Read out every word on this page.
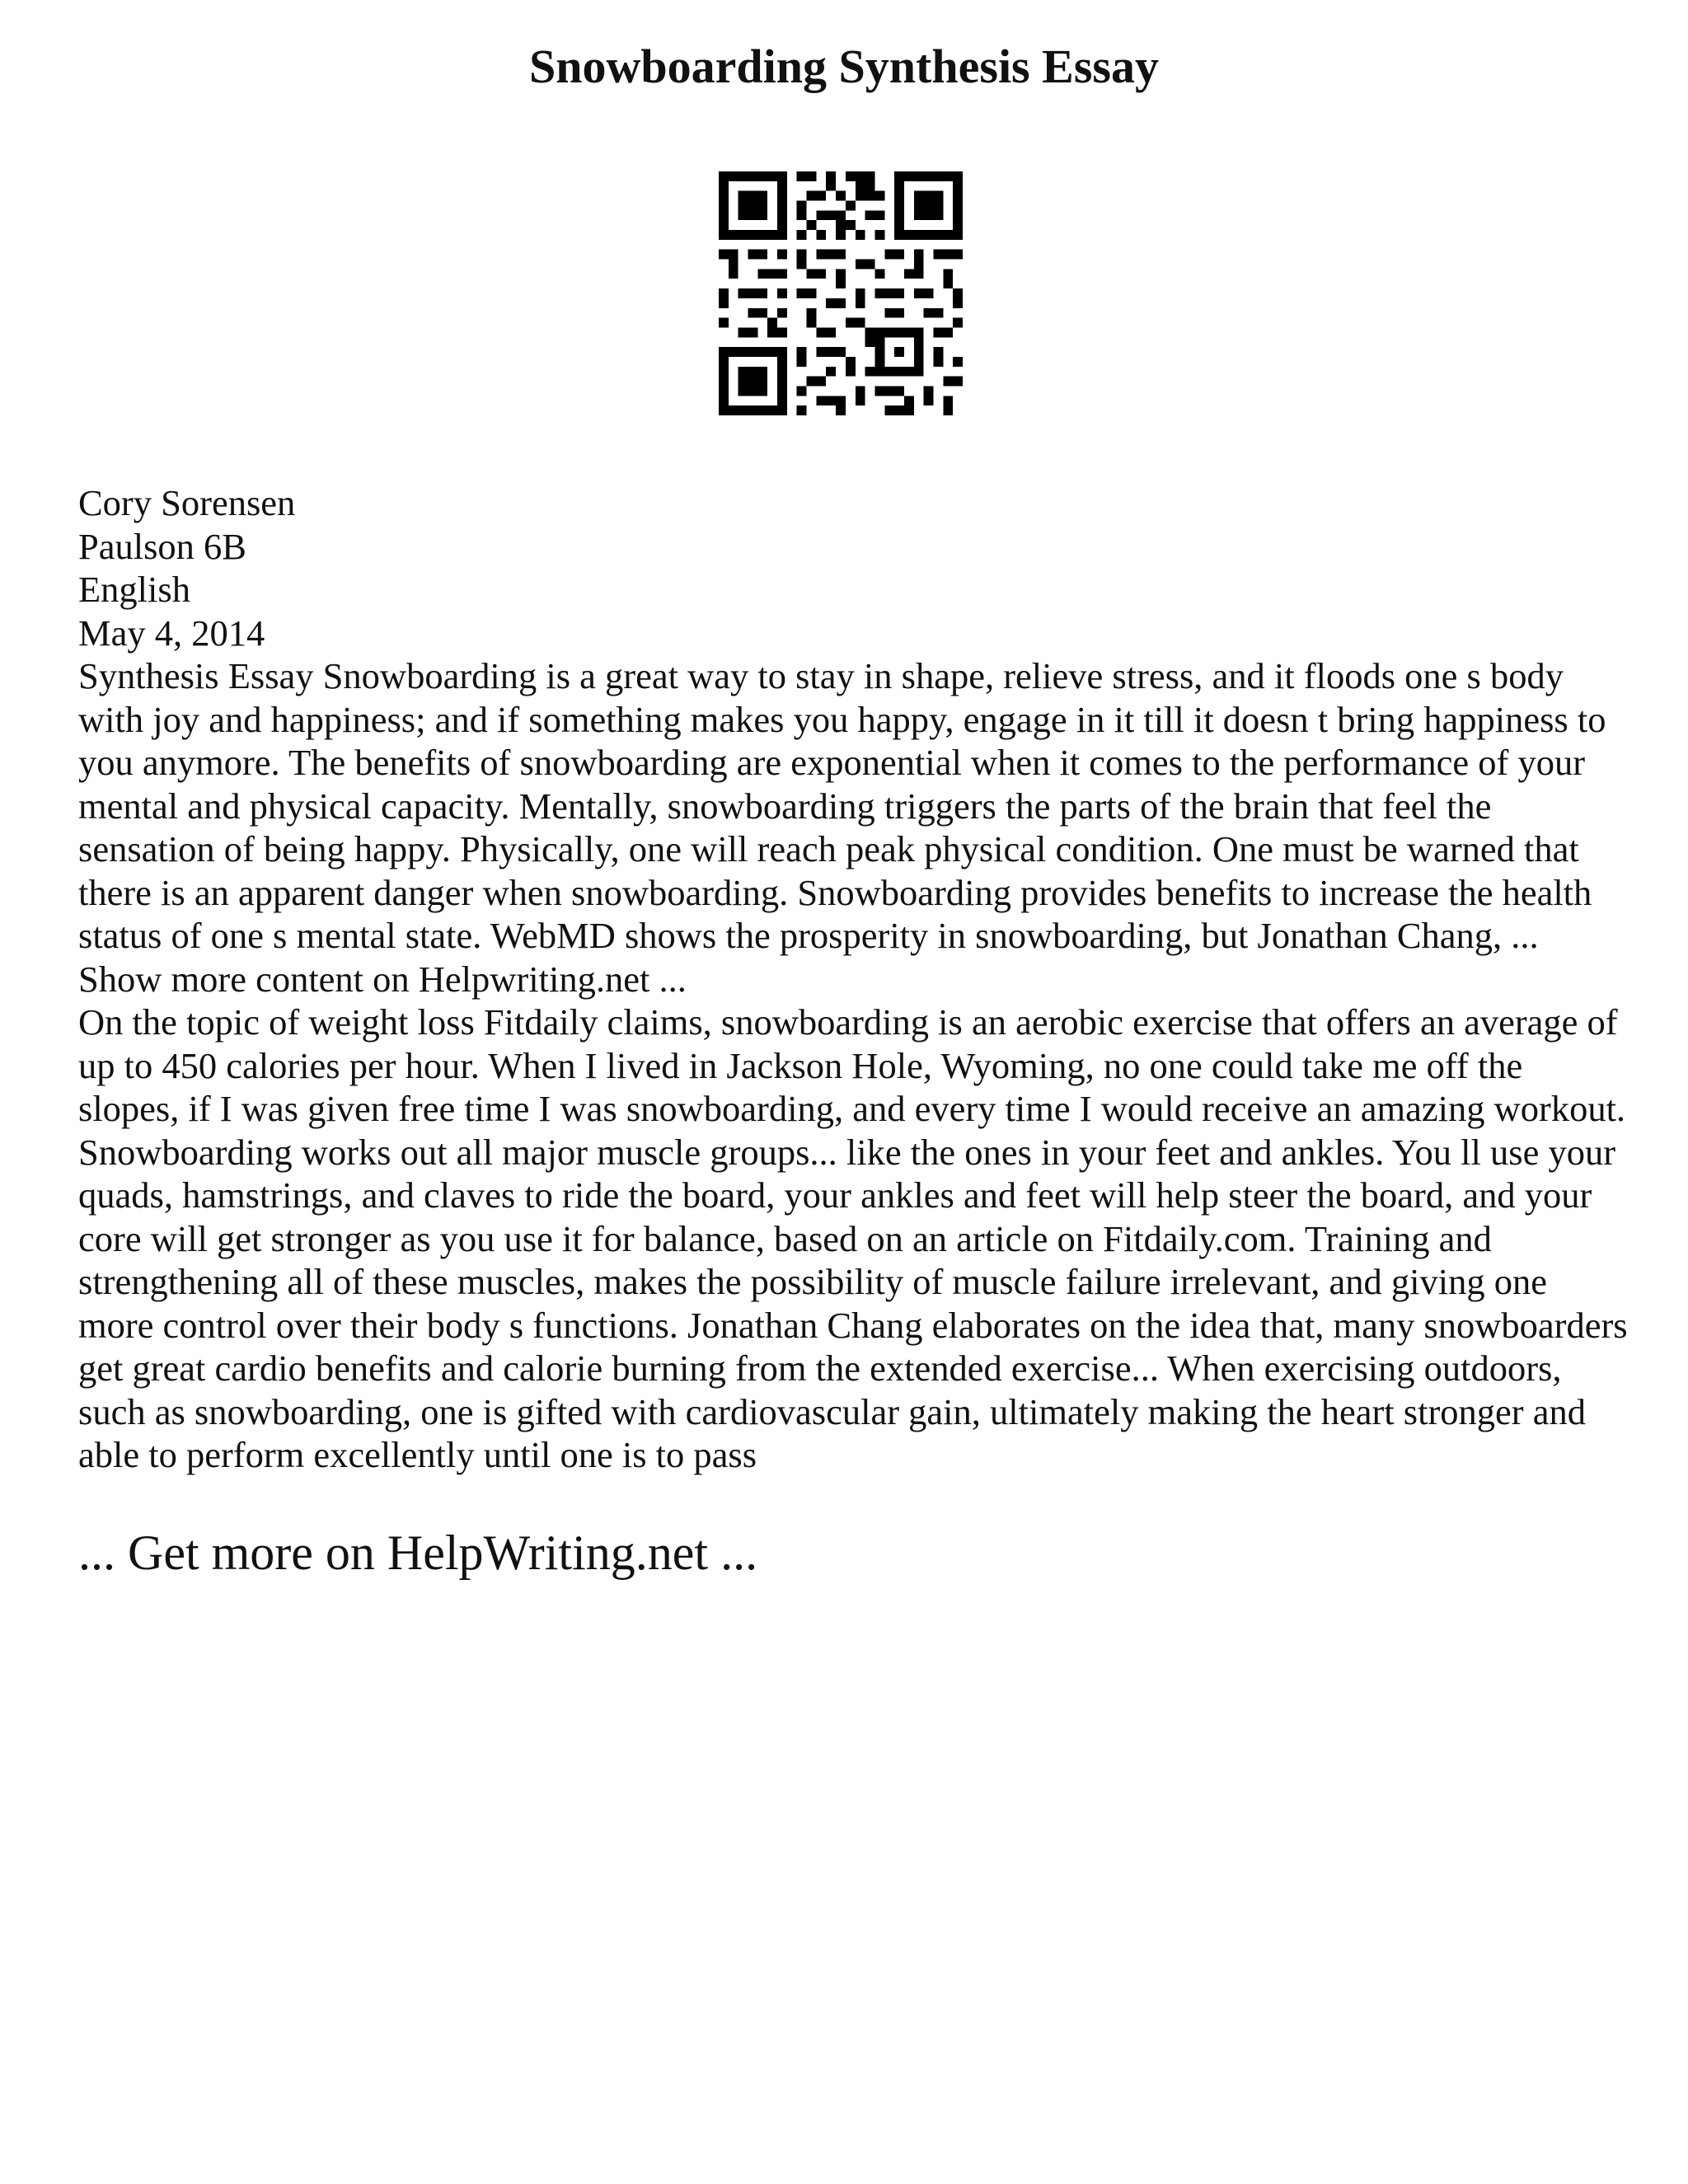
Snowboarding Synthesis Essay
Cory Sorensen
Paulson 6B
English
May 4, 2014

Synthesis Essay Snowboarding is a great way to stay in shape, relieve stress, and it floods one s body with joy and happiness; and if something makes you happy, engage in it till it doesn t bring happiness to you anymore. The benefits of snowboarding are exponential when it comes to the performance of your mental and physical capacity. Mentally, snowboarding triggers the parts of the brain that feel the sensation of being happy. Physically, one will reach peak physical condition. One must be warned that there is an apparent danger when snowboarding. Snowboarding provides benefits to increase the health status of one s mental state. WebMD shows the prosperity in snowboarding, but Jonathan Chang, ... Show more content on Helpwriting.net ...

On the topic of weight loss Fitdaily claims, snowboarding is an aerobic exercise that offers an average of up to 450 calories per hour. When I lived in Jackson Hole, Wyoming, no one could take me off the slopes, if I was given free time I was snowboarding, and every time I would receive an amazing workout. Snowboarding works out all major muscle groups... like the ones in your feet and ankles. You ll use your quads, hamstrings, and claves to ride the board, your ankles and feet will help steer the board, and your core will get stronger as you use it for balance, based on an article on Fitdaily.com. Training and strengthening all of these muscles, makes the possibility of muscle failure irrelevant, and giving one more control over their body s functions. Jonathan Chang elaborates on the idea that, many snowboarders get great cardio benefits and calorie burning from the extended exercise... When exercising outdoors, such as snowboarding, one is gifted with cardiovascular gain, ultimately making the heart stronger and able to perform excellently until one is to pass

... Get more on HelpWriting.net ...
